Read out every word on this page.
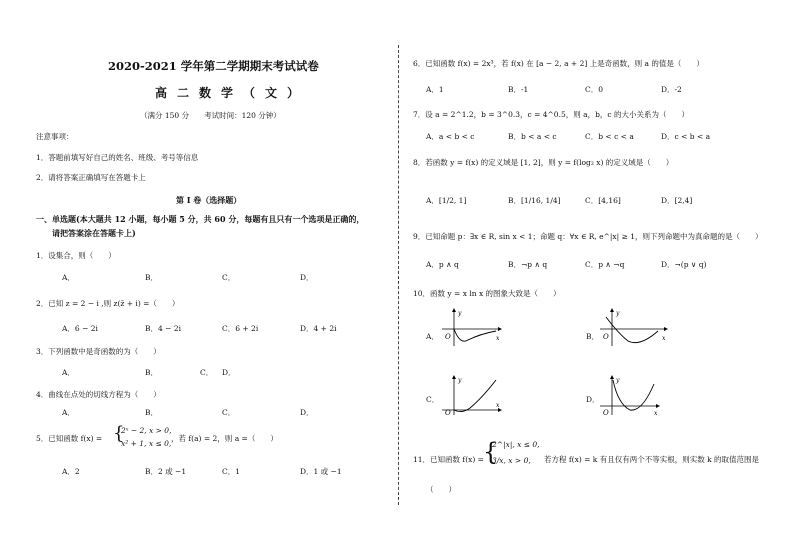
2020-2021 学年第二学期期末考试试卷
高二数学（文）
（满分 150 分　　考试时间：120 分钟）
注意事项：
1．答题前填写好自己的姓名、班级、考号等信息
2．请将答案正确填写在答题卡上
第 I 卷（选择题）
一、单选题(本大题共 12 小题，每小题 5 分，共 60 分，每题有且只有一个选项是正确的，
请把答案涂在答题卡上)
1．设集合，则（　　）
A．	B．	C．	D．
2．已知 z = 2 − i ,则 z(z̄ + i) =（　　）
A．6 − 2i	B．4 − 2i	C．6 + 2i	D．4 + 2i
3．下列函数中是奇函数的为（　　）
A．	B．	C． D．
4．曲线在点处的切线方程为（　　）
A．	B．	C．	D．
5．已知函数 f(x) = {
2ˣ − 2, x > 0,
x² + 1, x ≤ 0,
，若 f(a) = 2，则 a =（　　）
A．2	B．2 或 −1	C．1	D．1 或 −1
6．已知函数 f(x) = 2x³，若 f(x) 在 [a − 2, a + 2] 上是奇函数，则 a 的值是（　　）
A．1	B．-1	C．0	D．-2
7．设 a = 2^1.2，b = 3^0.3，c = 4^0.5，则 a，b，c 的大小关系为（　　）
A．a < b < c	B．b < a < c	C．b < c < a	D．c < b < a
8．若函数 y = f(x) 的定义域是 [1, 2]，则 y = f(log₂ x) 的定义域是（　　）
A．[1/2, 1]	B．[1/16, 1/4]	C．[4,16]	D．[2,4]
9．已知命题 p：∃x ∈ R, sin x < 1；命题 q：∀x ∈ R, e^|x| ≥ 1，则下列命题中为真命题的是（　　）
A．p ∧ q	B．¬p ∧ q	C．p ∧ ¬q	D．¬(p ∨ q)
10．函数 y = x ln x 的图象大致是（　　）
A．
y
x
O	B．
y
x
O
C．
y
x
O
D．
y
x
O
11．已知函数 f(x) = {
2^|x|, x ≤ 0,
3/x, x > 0, 若方程 f(x) = k 有且仅有两个不等实根，则实数 k 的取值范围是
（　　）
